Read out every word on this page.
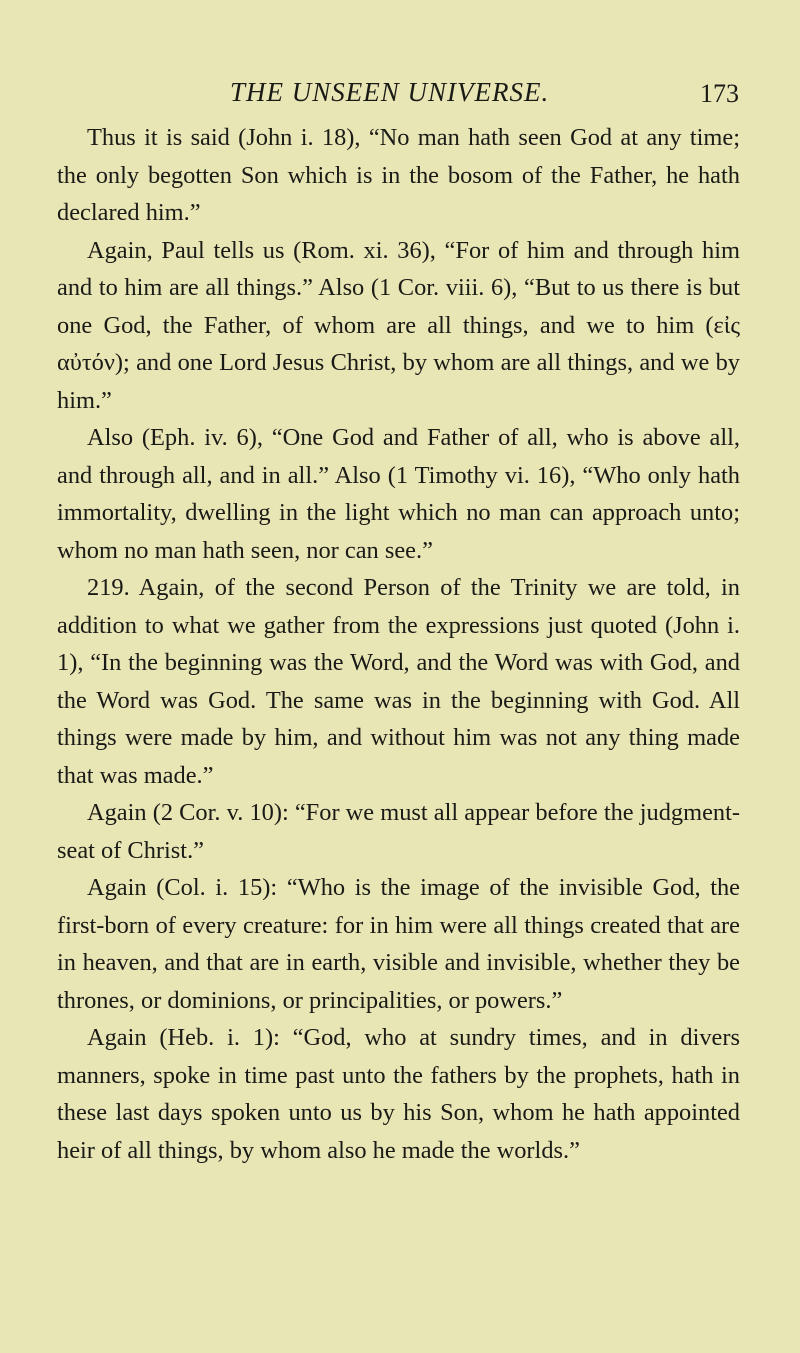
THE UNSEEN UNIVERSE.	173

Thus it is said (John i. 18), “No man hath seen God at any time; the only begotten Son which is in the bosom of the Father, he hath declared him.”

Again, Paul tells us (Rom. xi. 36), “For of him and through him and to him are all things.” Also (1 Cor. viii. 6), “But to us there is but one God, the Father, of whom are all things, and we to him (εἰς αὐτόν); and one Lord Jesus Christ, by whom are all things, and we by him.”

Also (Eph. iv. 6), “One God and Father of all, who is above all, and through all, and in all.” Also (1 Timothy vi. 16), “Who only hath immortality, dwelling in the light which no man can approach unto; whom no man hath seen, nor can see.”

219. Again, of the second Person of the Trinity we are told, in addition to what we gather from the expressions just quoted (John i. 1), “In the beginning was the Word, and the Word was with God, and the Word was God. The same was in the beginning with God. All things were made by him, and without him was not any thing made that was made.”

Again (2 Cor. v. 10): “For we must all appear before the judgment-seat of Christ.”

Again (Col. i. 15): “Who is the image of the invisible God, the first-born of every creature: for in him were all things created that are in heaven, and that are in earth, visible and invisible, whether they be thrones, or dominions, or principalities, or powers.”

Again (Heb. i. 1): “God, who at sundry times, and in divers manners, spoke in time past unto the fathers by the prophets, hath in these last days spoken unto us by his Son, whom he hath appointed heir of all things, by whom also he made the worlds.”
